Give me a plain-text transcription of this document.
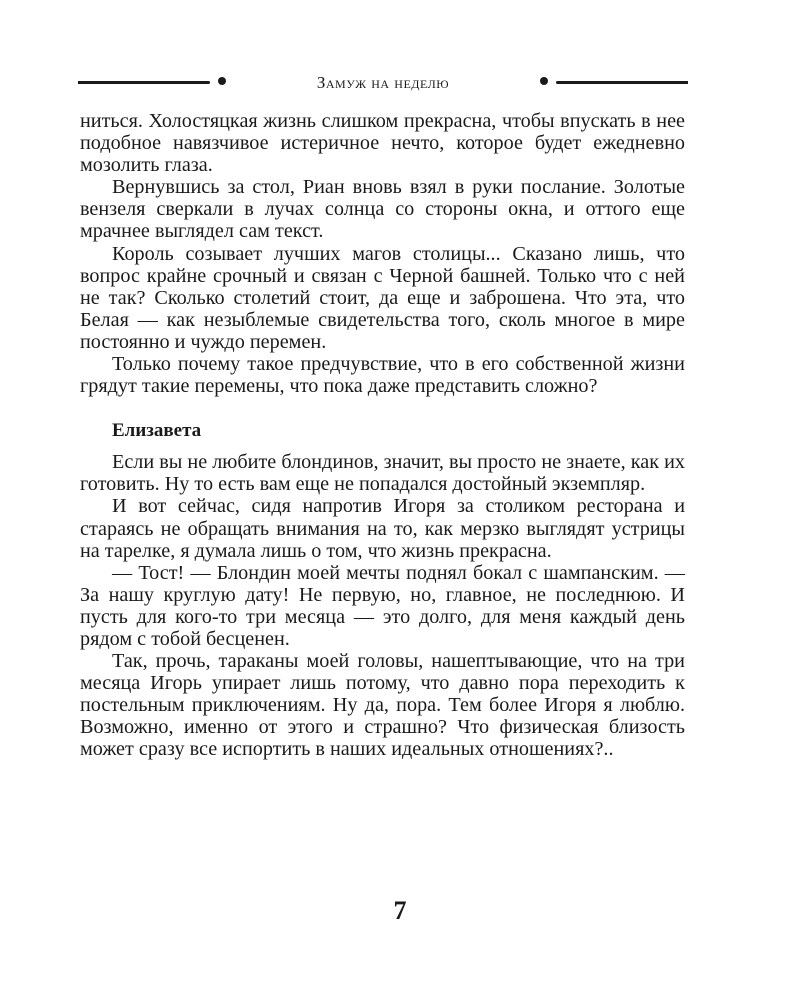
Замуж на неделю

ниться. Холостяцкая жизнь слишком прекрасна, чтобы впускать в нее подобное навязчивое истеричное нечто, которое будет ежедневно мозолить глаза.

Вернувшись за стол, Риан вновь взял в руки послание. Золотые вензеля сверкали в лучах солнца со стороны окна, и оттого еще мрачнее выглядел сам текст.

Король созывает лучших магов столицы... Сказано лишь, что вопрос крайне срочный и связан с Черной башней. Только что с ней не так? Сколько столетий стоит, да еще и заброшена. Что эта, что Белая — как незыблемые свидетельства того, сколь многое в мире постоянно и чуждо перемен.

Только почему такое предчувствие, что в его собственной жизни грядут такие перемены, что пока даже представить сложно?

Елизавета

Если вы не любите блондинов, значит, вы просто не знаете, как их готовить. Ну то есть вам еще не попадался достойный экземпляр.

И вот сейчас, сидя напротив Игоря за столиком ресторана и стараясь не обращать внимания на то, как мерзко выглядят устрицы на тарелке, я думала лишь о том, что жизнь прекрасна.

— Тост! — Блондин моей мечты поднял бокал с шампанским. — За нашу круглую дату! Не первую, но, главное, не последнюю. И пусть для кого-то три месяца — это долго, для меня каждый день рядом с тобой бесценен.

Так, прочь, тараканы моей головы, нашептывающие, что на три месяца Игорь упирает лишь потому, что давно пора переходить к постельным приключениям. Ну да, пора. Тем более Игоря я люблю. Возможно, именно от этого и страшно? Что физическая близость может сразу все испортить в наших идеальных отношениях?..

7
